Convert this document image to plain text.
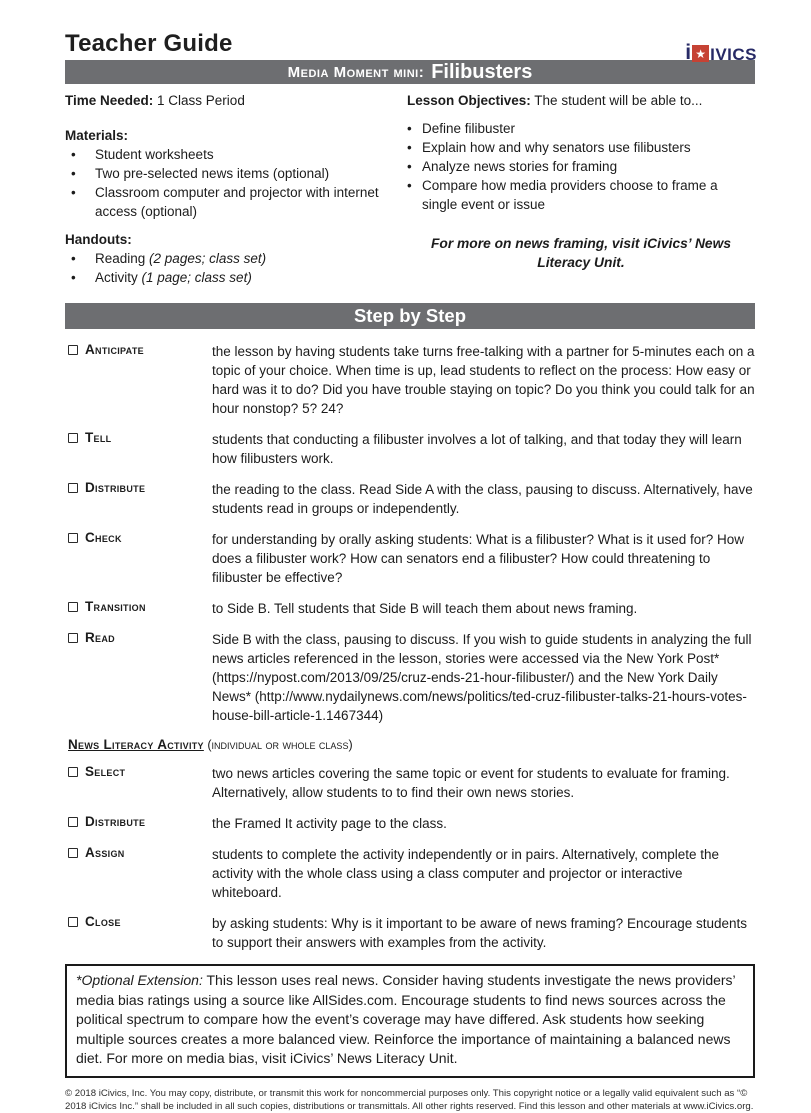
Teacher Guide	i ★ IVICS
Media Moment mini: Filibusters
Time Needed: 1 Class Period	Lesson Objectives: The student will be able to...
Materials:
•	Student worksheets
•	Two pre-selected news items (optional)
•	Classroom computer and projector with internet access (optional)
Handouts:
•	Reading (2 pages; class set)
•	Activity (1 page; class set)
• Define filibuster
• Explain how and why senators use filibusters
• Analyze news stories for framing
• Compare how media providers choose to frame a single event or issue
For more on news framing, visit iCivics’ News Literacy Unit.
Step by Step
Anticipate	the lesson by having students take turns free-talking with a partner for 5-minutes each on a topic of your choice. When time is up, lead students to reflect on the process: How easy or hard was it to do? Did you have trouble staying on topic? Do you think you could talk for an hour nonstop? 5? 24?
Tell	students that conducting a filibuster involves a lot of talking, and that today they will learn how filibusters work.
Distribute	the reading to the class. Read Side A with the class, pausing to discuss. Alternatively, have students read in groups or independently.
Check	for understanding by orally asking students: What is a filibuster? What is it used for? How does a filibuster work? How can senators end a filibuster? How could threatening to filibuster be effective?
Transition	to Side B. Tell students that Side B will teach them about news framing.
Read	Side B with the class, pausing to discuss. If you wish to guide students in analyzing the full news articles referenced in the lesson, stories were accessed via the New York Post* (https://nypost.com/2013/09/25/cruz-ends-21-hour-filibuster/) and the New York Daily News* (http://www.nydailynews.com/news/politics/ted-cruz-filibuster-talks-21-hours-votes-house-bill-article-1.1467344)
News Literacy Activity (individual or whole class)
Select	two news articles covering the same topic or event for students to evaluate for framing. Alternatively, allow students to to find their own news stories.
Distribute	the Framed It activity page to the class.
Assign	students to complete the activity independently or in pairs. Alternatively, complete the activity with the whole class using a class computer and projector or interactive whiteboard.
Close	by asking students: Why is it important to be aware of news framing? Encourage students to support their answers with examples from the activity.
*Optional Extension: This lesson uses real news. Consider having students investigate the news providers’ media bias ratings using a source like AllSides.com. Encourage students to find news sources across the political spectrum to compare how the event’s coverage may have differed. Ask students how seeking multiple sources creates a more balanced view. Reinforce the importance of maintaining a balanced news diet. For more on media bias, visit iCivics’ News Literacy Unit.
© 2018 iCivics, Inc. You may copy, distribute, or transmit this work for noncommercial purposes only. This copyright notice or a legally valid equivalent such as “© 2018 iCivics Inc.” shall be included in all such copies, distributions or transmittals. All other rights reserved. Find this lesson and other materials at www.iCivics.org.
